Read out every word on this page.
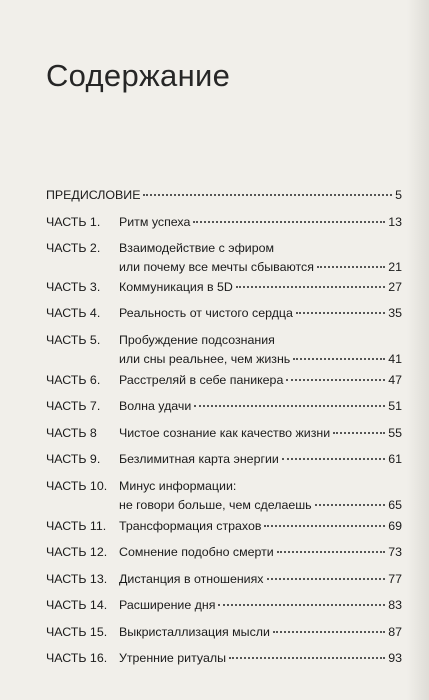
Содержание
ПРЕДИСЛОВИЕ	5
ЧАСТЬ 1.	Ритм успеха	13
ЧАСТЬ 2.	Взаимодействие с эфиром
или почему все мечты сбываются	21
ЧАСТЬ 3.	Коммуникация в 5D	27
ЧАСТЬ 4.	Реальность от чистого сердца	35
ЧАСТЬ 5.	Пробуждение подсознания
или сны реальнее, чем жизнь	41
ЧАСТЬ 6.	Расстреляй в себе паникера	47
ЧАСТЬ 7.	Волна удачи	51
ЧАСТЬ 8	Чистое сознание как качество жизни	55
ЧАСТЬ 9.	Безлимитная карта энергии	61
ЧАСТЬ 10. Минус информации:
не говори больше, чем сделаешь	65
ЧАСТЬ 11.	Трансформация страхов	69
ЧАСТЬ 12. Сомнение подобно смерти	73
ЧАСТЬ 13. Дистанция в отношениях	77
ЧАСТЬ 14. Расширение дня	83
ЧАСТЬ 15. Выкристаллизация мысли	87
ЧАСТЬ 16. Утренние ритуалы	93
